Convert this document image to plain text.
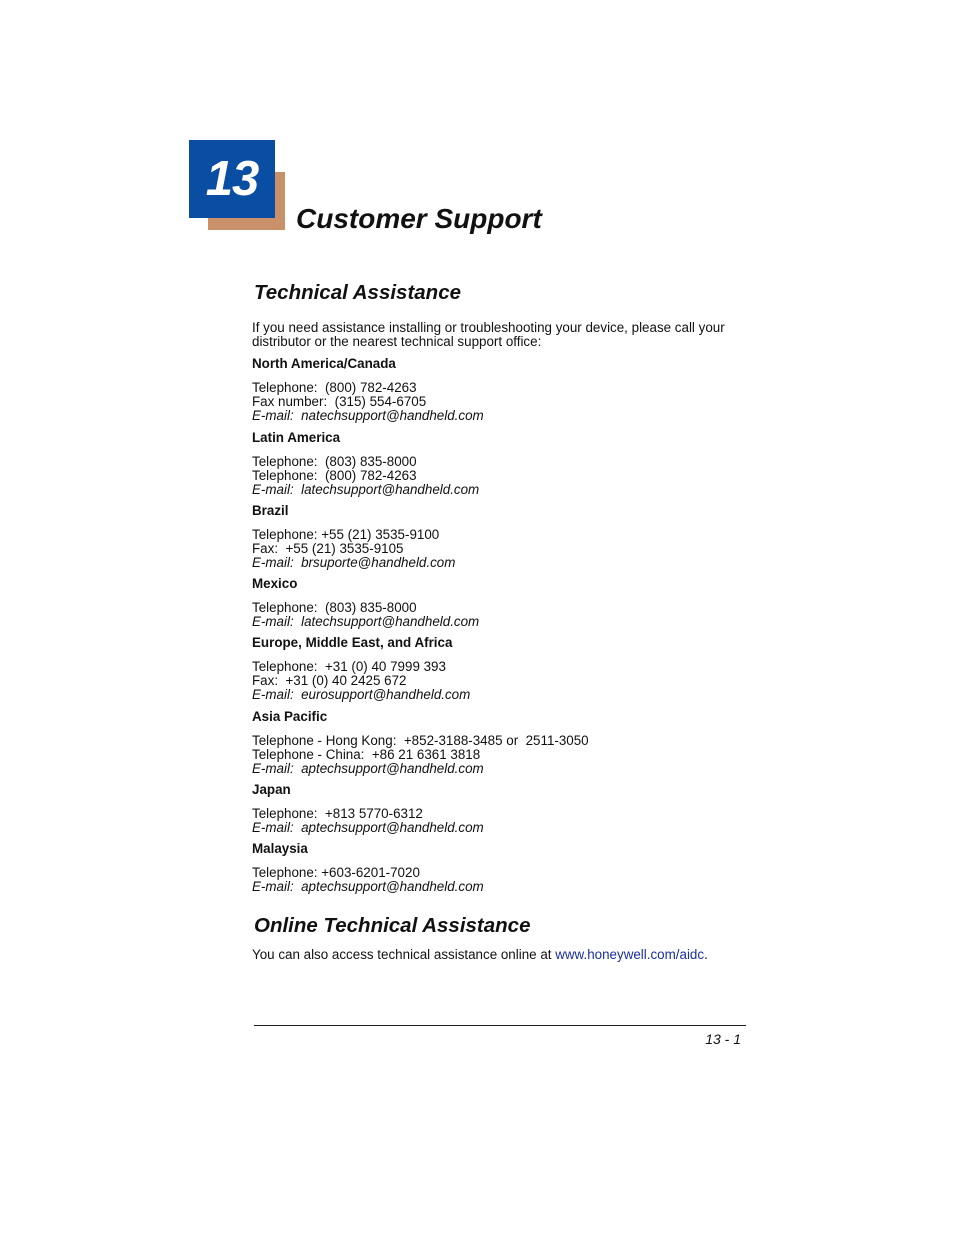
13
Customer Support
Technical Assistance

If you need assistance installing or troubleshooting your device, please call your distributor or the nearest technical support office:

North America/Canada

Telephone:  (800) 782-4263

Fax number:  (315) 554-6705

E-mail:  natechsupport@handheld.com

Latin America

Telephone:  (803) 835-8000

Telephone:  (800) 782-4263

E-mail:  latechsupport@handheld.com

Brazil

Telephone: +55 (21) 3535-9100

Fax:  +55 (21) 3535-9105

E-mail:  brsuporte@handheld.com

Mexico

Telephone:  (803) 835-8000

E-mail:  latechsupport@handheld.com

Europe, Middle East, and Africa

Telephone:  +31 (0) 40 7999 393

Fax:  +31 (0) 40 2425 672

E-mail:  eurosupport@handheld.com

Asia Pacific

Telephone - Hong Kong:  +852-3188-3485 or  2511-3050

Telephone - China:  +86 21 6361 3818

E-mail:  aptechsupport@handheld.com

Japan

Telephone:  +813 5770-6312

E-mail:  aptechsupport@handheld.com

Malaysia

Telephone: +603-6201-7020

E-mail:  aptechsupport@handheld.com

Online Technical Assistance

You can also access technical assistance online at www.honeywell.com/aidc.

13 - 1
